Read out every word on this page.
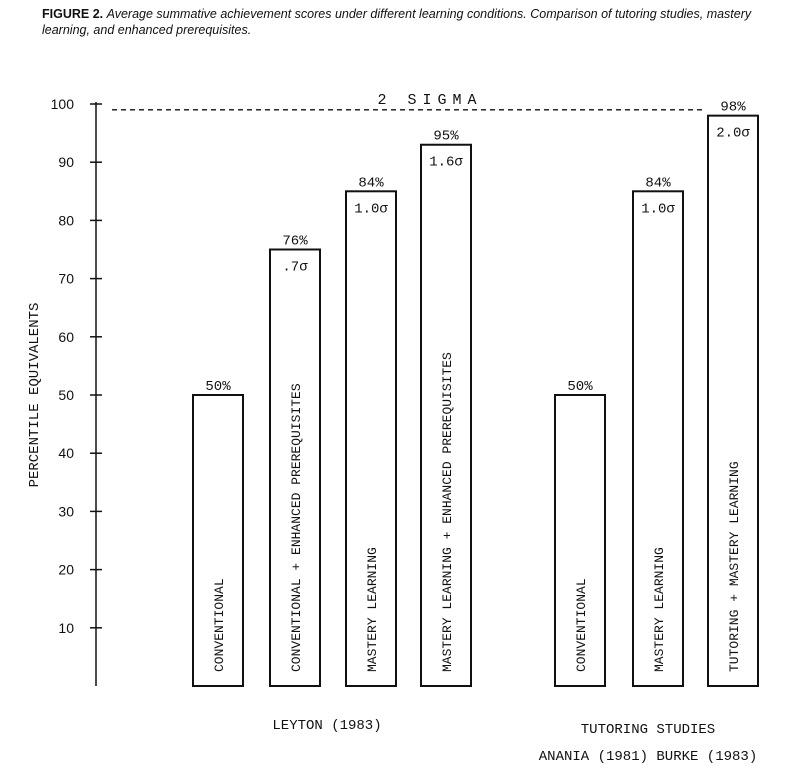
FIGURE 2. Average summative achievement scores under different learning conditions. Comparison of tutoring studies, mastery learning, and enhanced prerequisites.
10
20
30
40
50
60
70
80
90
100
PERCENTILE EQUIVALENTS
2 SIGMA
50%
CONVENTIONAL
76%
.7σ
CONVENTIONAL + ENHANCED PREREQUISITES
84%
1.0σ
MASTERY LEARNING
95%
1.6σ
MASTERY LEARNING + ENHANCED PREREQUISITES	50%
CONVENTIONAL
84%
1.0σ
MASTERY LEARNING
98%
2.0σ
TUTORING + MASTERY LEARNING
LEYTON (1983)	TUTORING STUDIES
ANANIA (1981) BURKE (1983)
